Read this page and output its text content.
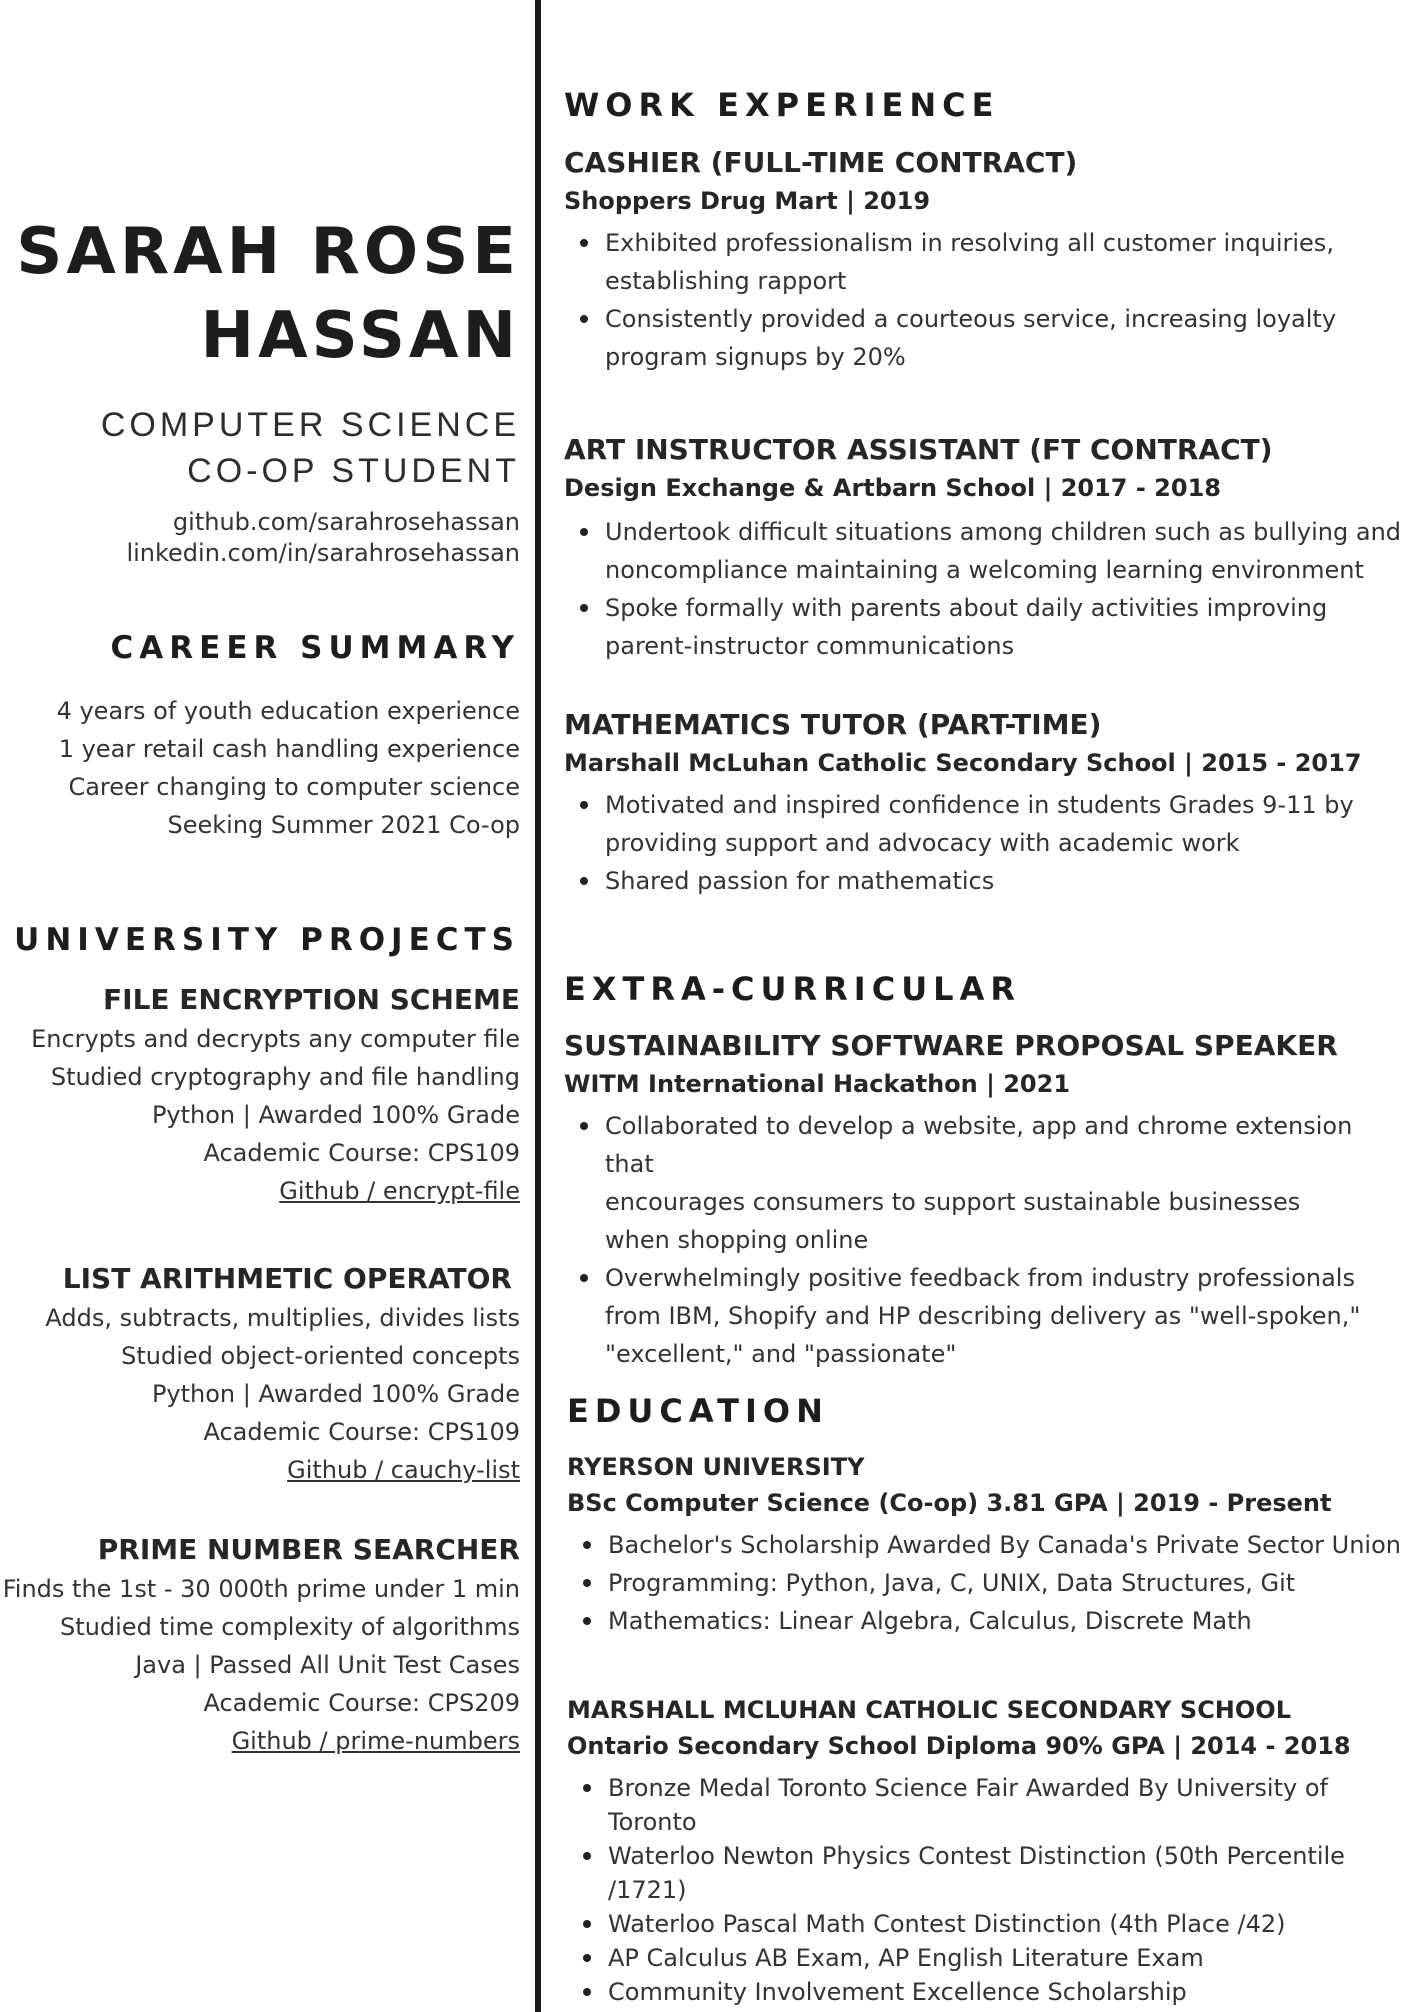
SARAH ROSE
HASSAN
COMPUTER SCIENCE
CO-OP STUDENT
github.com/sarahrosehassan
linkedin.com/in/sarahrosehassan
CAREER SUMMARY
4 years of youth education experience
1 year retail cash handling experience
Career changing to computer science
Seeking Summer 2021 Co-op
UNIVERSITY PROJECTS
FILE ENCRYPTION SCHEME
Encrypts and decrypts any computer file
Studied cryptography and file handling
Python | Awarded 100% Grade
Academic Course: CPS109
Github / encrypt-file
LIST ARITHMETIC OPERATOR
Adds, subtracts, multiplies, divides lists
Studied object-oriented concepts
Python | Awarded 100% Grade
Academic Course: CPS109
Github / cauchy-list
PRIME NUMBER SEARCHER
Finds the 1st - 30 000th prime under 1 min
Studied time complexity of algorithms
Java | Passed All Unit Test Cases
Academic Course: CPS209
Github / prime-numbers
WORK EXPERIENCE
CASHIER (FULL-TIME CONTRACT)
Shoppers Drug Mart | 2019
Exhibited professionalism in resolving all customer inquiries, establishing rapport
Consistently provided a courteous service, increasing loyalty program signups by 20%
ART INSTRUCTOR ASSISTANT (FT CONTRACT)
Design Exchange & Artbarn School | 2017 - 2018
Undertook difficult situations among children such as bullying and noncompliance maintaining a welcoming learning environment
Spoke formally with parents about daily activities improving
parent-instructor communications
MATHEMATICS TUTOR (PART-TIME)
Marshall McLuhan Catholic Secondary School | 2015 - 2017
Motivated and inspired confidence in students Grades 9-11 by providing support and advocacy with academic work
Shared passion for mathematics
EXTRA-CURRICULAR
SUSTAINABILITY SOFTWARE PROPOSAL SPEAKER
WITM International Hackathon | 2021
Collaborated to develop a website, app and chrome extension that
encourages consumers to support sustainable businesses
when shopping online
Overwhelmingly positive feedback from industry professionals from IBM, Shopify and HP describing delivery as "well-spoken," "excellent," and "passionate"
EDUCATION
RYERSON UNIVERSITY
BSc Computer Science (Co-op) 3.81 GPA | 2019 - Present
Bachelor's Scholarship Awarded By Canada's Private Sector Union
Programming: Python, Java, C, UNIX, Data Structures, Git
Mathematics: Linear Algebra, Calculus, Discrete Math
MARSHALL MCLUHAN CATHOLIC SECONDARY SCHOOL
Ontario Secondary School Diploma 90% GPA | 2014 - 2018
Bronze Medal Toronto Science Fair Awarded By University of Toronto
Waterloo Newton Physics Contest Distinction (50th Percentile /1721)
Waterloo Pascal Math Contest Distinction (4th Place /42)
AP Calculus AB Exam, AP English Literature Exam
Community Involvement Excellence Scholarship
